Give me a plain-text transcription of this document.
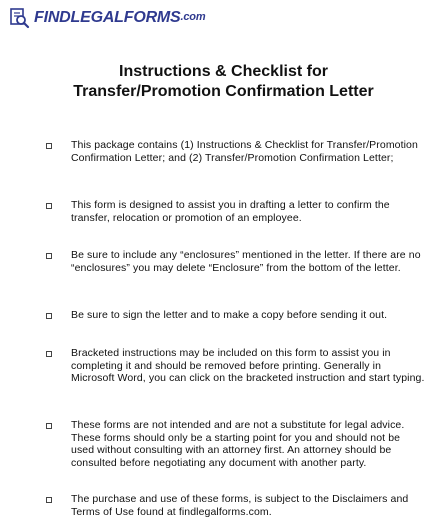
FINDLEGALFORMS.com
Instructions & Checklist for
Transfer/Promotion Confirmation Letter
This package contains (1) Instructions & Checklist for Transfer/Promotion Confirmation Letter; and (2) Transfer/Promotion Confirmation Letter;
This form is designed to assist you in drafting a letter to confirm the transfer, relocation or promotion of an employee.
Be sure to include any “enclosures” mentioned in the letter. If there are no “enclosures” you may delete “Enclosure” from the bottom of the letter.
Be sure to sign the letter and to make a copy before sending it out.
Bracketed instructions may be included on this form to assist you in completing it and should be removed before printing. Generally in Microsoft Word, you can click on the bracketed instruction and start typing.
These forms are not intended and are not a substitute for legal advice. These forms should only be a starting point for you and should not be used without consulting with an attorney first. An attorney should be consulted before negotiating any document with another party.
The purchase and use of these forms, is subject to the Disclaimers and Terms of Use found at findlegalforms.com.
